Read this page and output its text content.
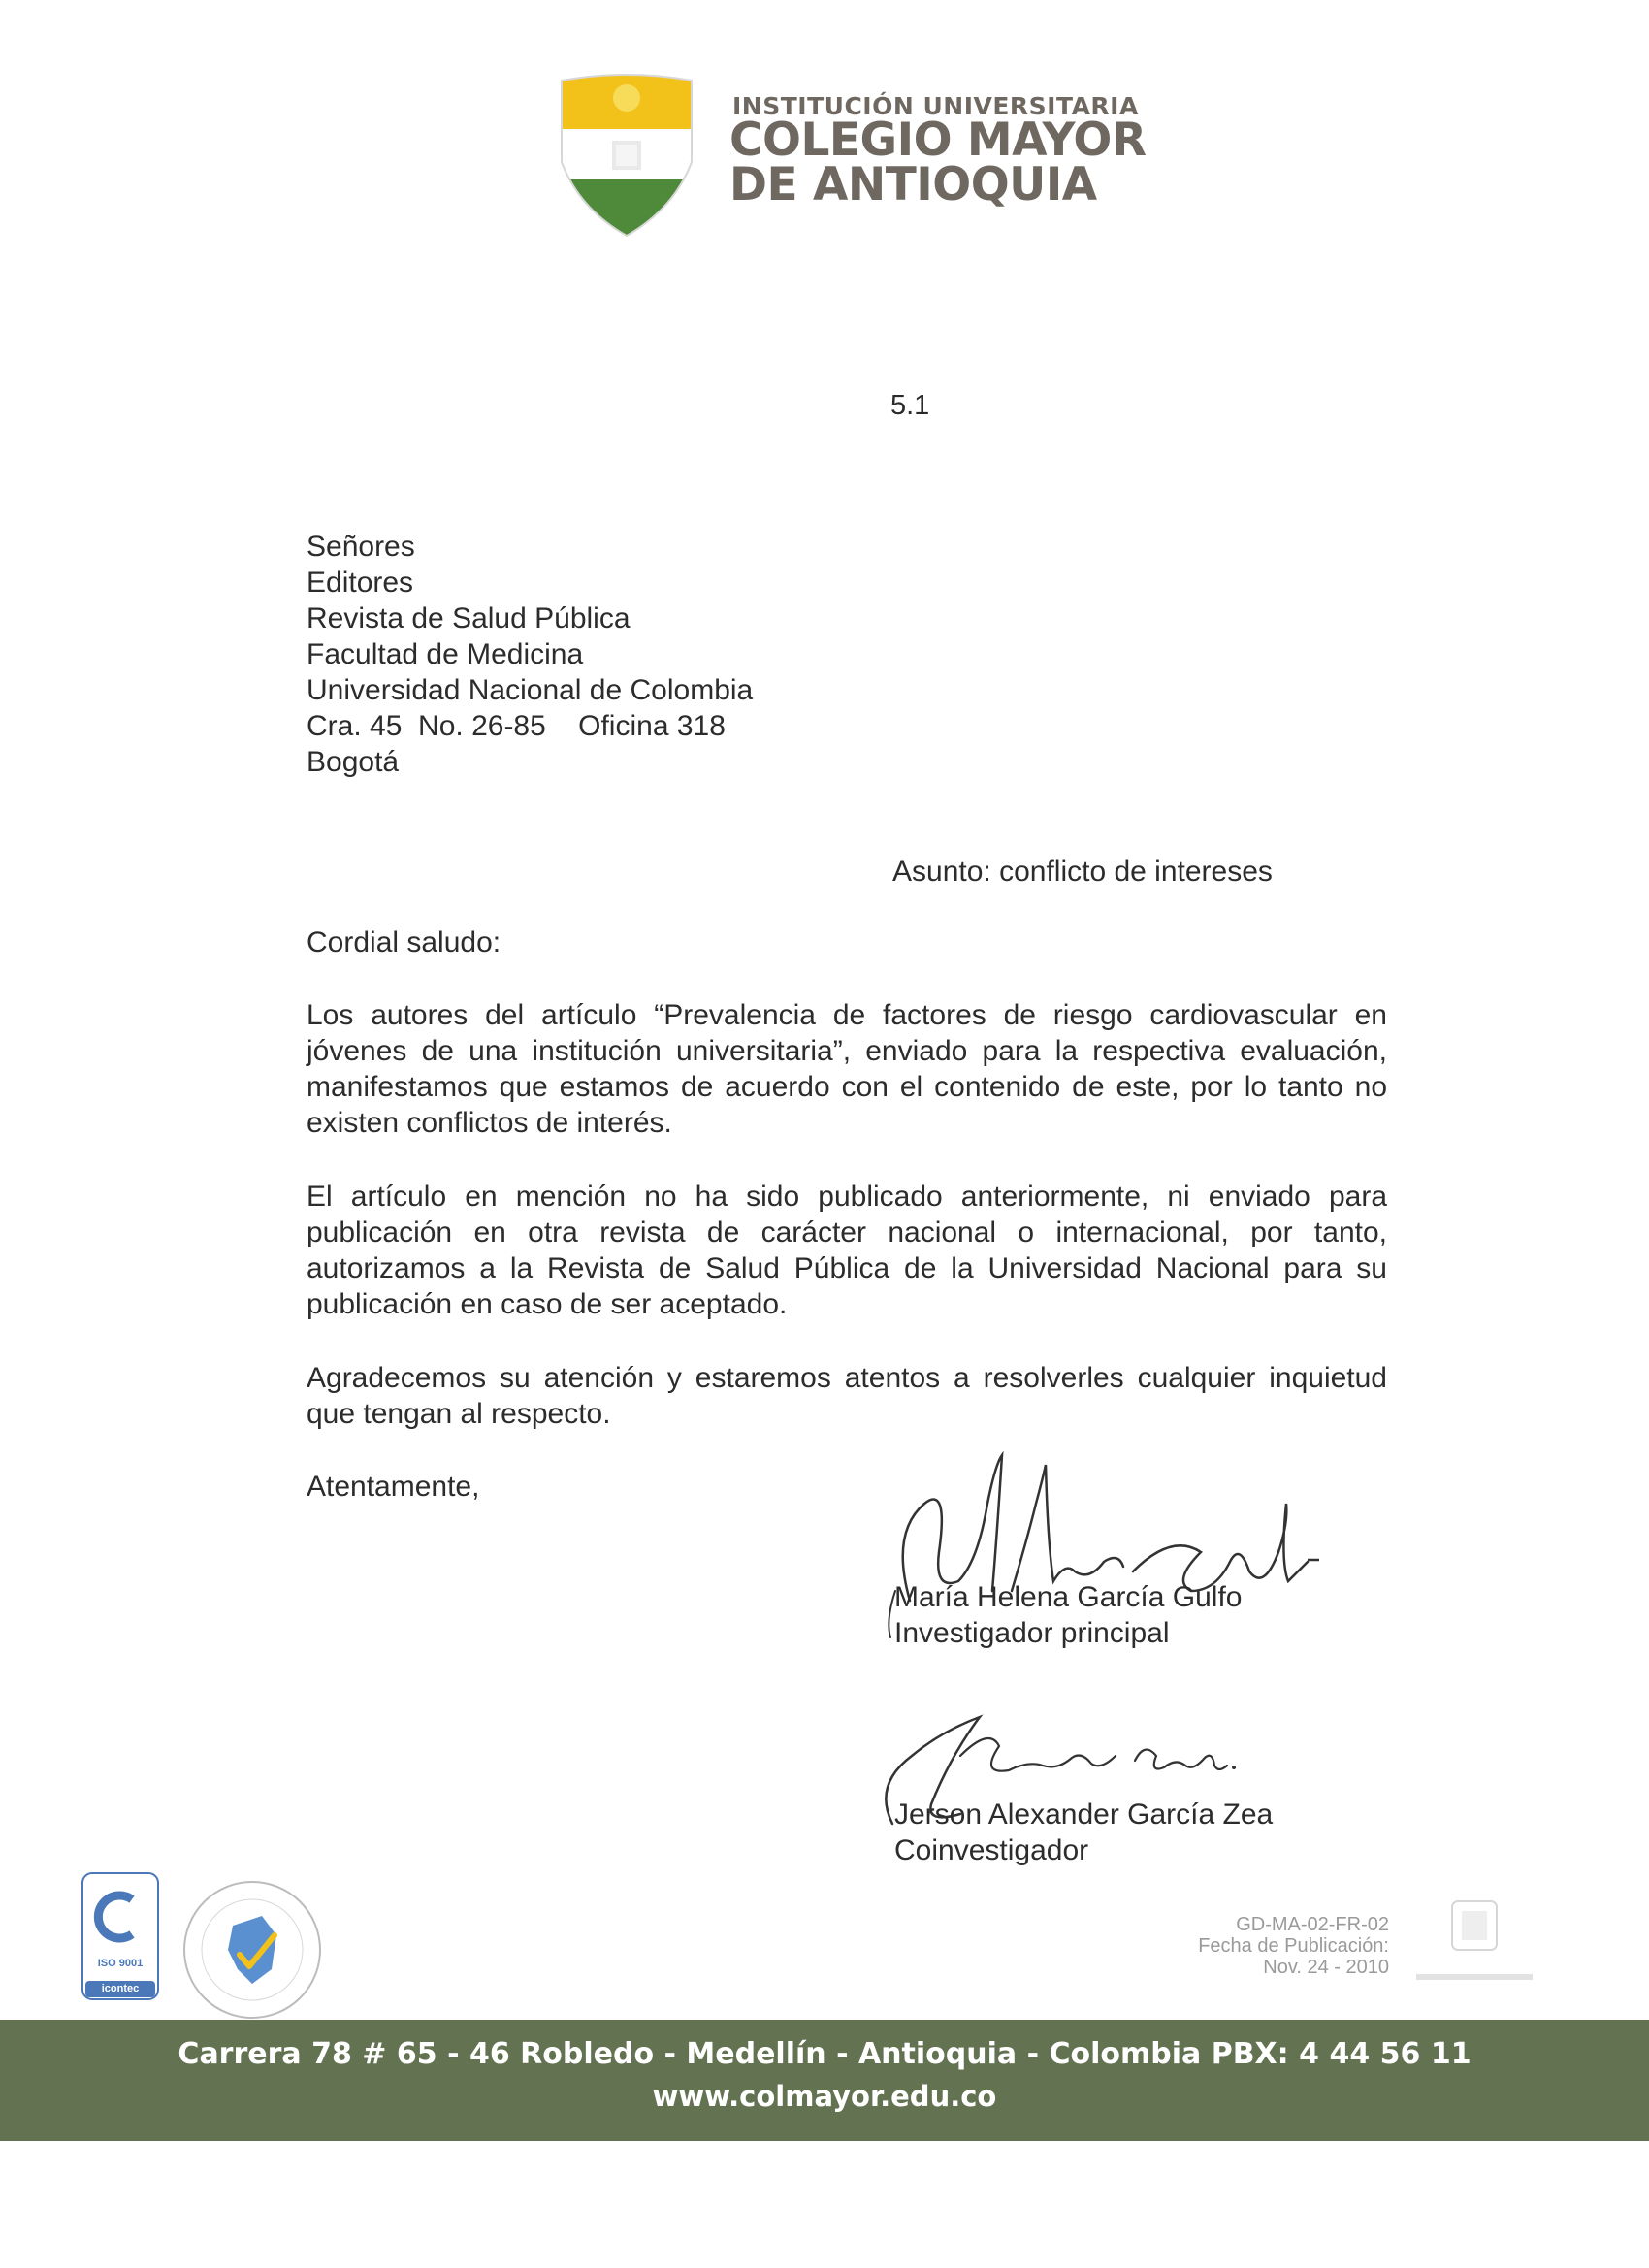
INSTITUCIÓN UNIVERSITARIA
COLEGIO MAYOR
DE ANTIOQUIA
5.1
Señores
Editores
Revista de Salud Pública
Facultad de Medicina
Universidad Nacional de Colombia
Cra. 45  No. 26-85    Oficina 318
Bogotá
Asunto: conflicto de intereses
Cordial saludo:
Los autores del artículo “Prevalencia de factores de riesgo cardiovascular en jóvenes de una institución universitaria”, enviado para la respectiva evaluación, manifestamos que estamos de acuerdo con el contenido de este, por lo tanto no existen conflictos de interés.
El artículo en mención no ha sido publicado anteriormente, ni enviado para publicación en otra revista de carácter nacional o internacional, por tanto, autorizamos a la Revista de Salud Pública de la Universidad Nacional para su publicación en caso de ser aceptado.
Agradecemos su atención y estaremos atentos a resolverles cualquier inquietud que tengan al respecto.
Atentamente,
María Helena García Gulfo
Investigador principal
Jerson Alexander García Zea
Coinvestigador
ISO 9001
icontec
GD-MA-02-FR-02
Fecha de Publicación:
Nov. 24 - 2010
Carrera 78 # 65 - 46 Robledo - Medellín - Antioquia - Colombia PBX: 4 44 56 11
www.colmayor.edu.co
